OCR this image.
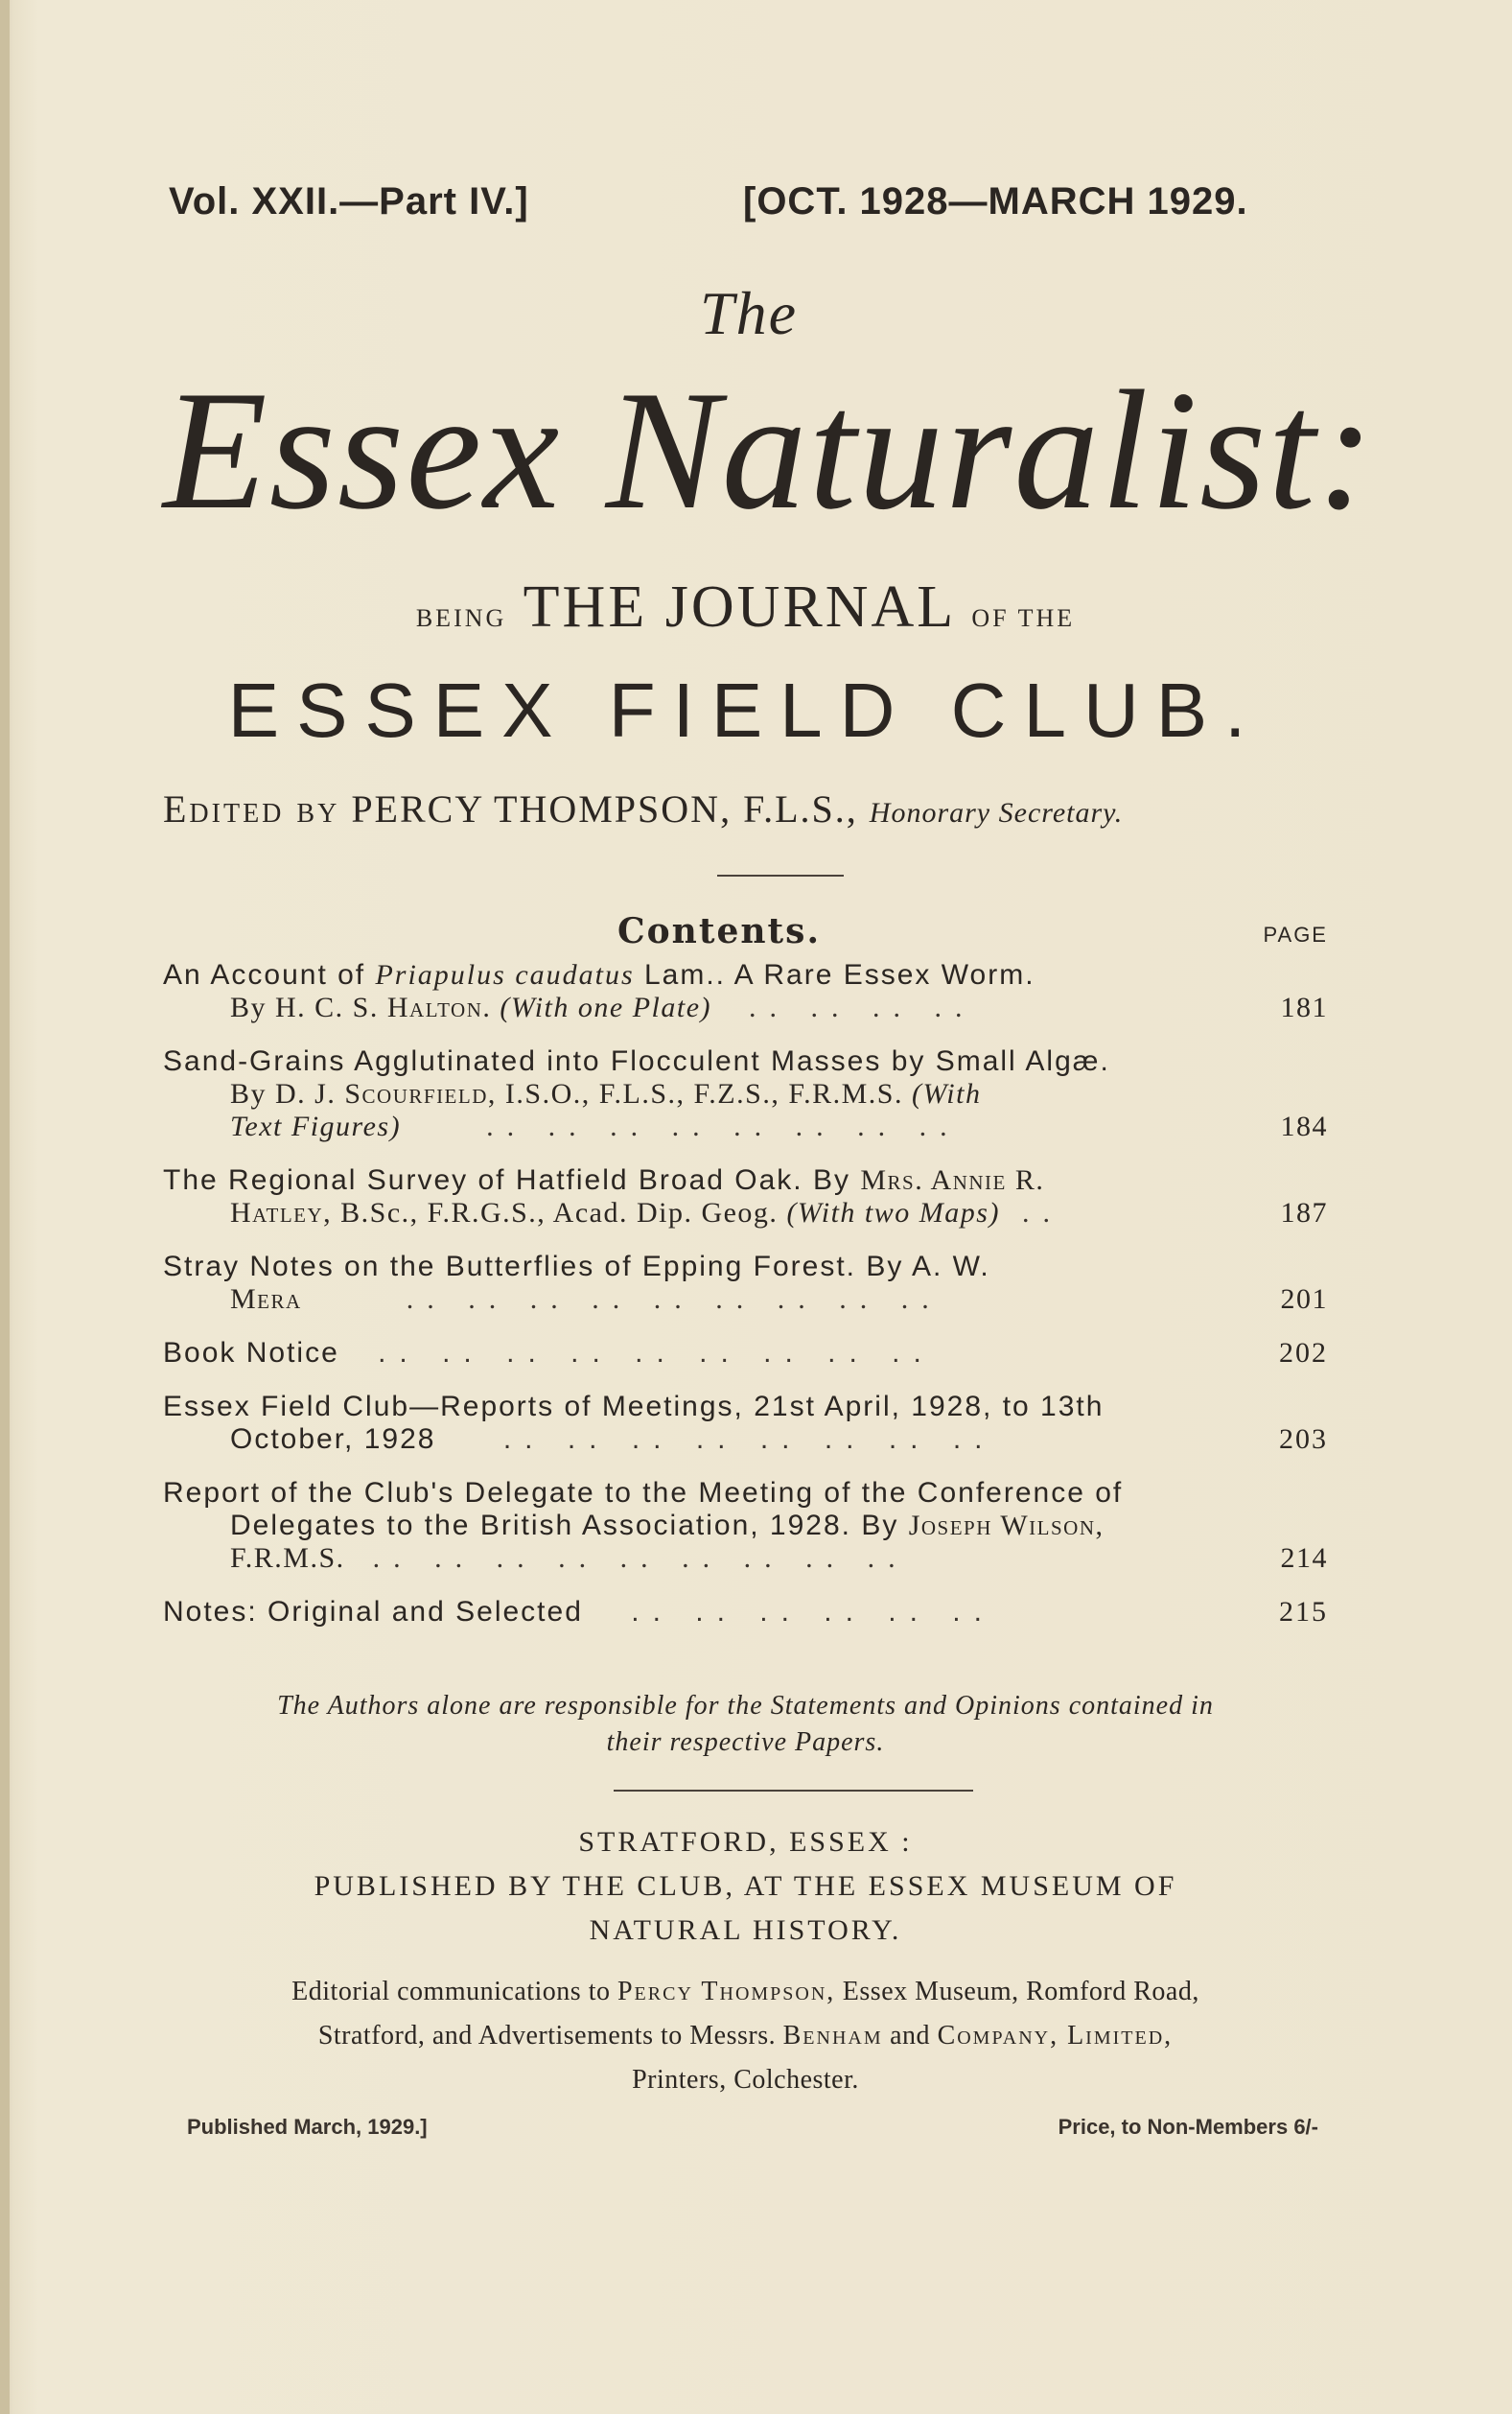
Vol. XXII.—Part IV.]	[OCT. 1928—MARCH 1929.
The
Essex Naturalist:
BEING THE JOURNAL OF THE
ESSEX FIELD CLUB.
Edited by PERCY THOMPSON, F.L.S., Honorary Secretary.
Contents.	PAGE
An Account of Priapulus caudatus Lam.. A Rare Essex Worm.
By H. C. S. Halton. (With one Plate) .. .. .. ..	181
Sand-Grains Agglutinated into Flocculent Masses by Small Algæ.
By D. J. Scourfield, I.S.O., F.L.S., F.Z.S., F.R.M.S. (With
Text Figures)	.. .. .. .. .. .. .. ..	184
The Regional Survey of Hatfield Broad Oak. By Mrs. Annie R.
Hatley, B.Sc., F.R.G.S., Acad. Dip. Geog. (With two Maps) ..	187
Stray Notes on the Butterflies of Epping Forest. By A. W.
Mera	.. .. .. .. .. .. .. .. ..	201
Book Notice .. .. .. .. .. .. .. .. ..	202
Essex Field Club—Reports of Meetings, 21st April, 1928, to 13th
October, 1928 .. .. .. .. .. .. .. ..	203
Report of the Club's Delegate to the Meeting of the Conference of
Delegates to the British Association, 1928. By Joseph Wilson,
F.R.M.S. .. .. .. .. .. .. .. .. ..	214
Notes: Original and Selected .. .. .. .. .. ..	215
The Authors alone are responsible for the Statements and Opinions contained in
their respective Papers.
STRATFORD, ESSEX :
PUBLISHED BY THE CLUB, AT THE ESSEX MUSEUM OF
NATURAL HISTORY.
Editorial communications to Percy Thompson, Essex Museum, Romford Road,
Stratford, and Advertisements to Messrs. Benham and Company, Limited,
Printers, Colchester.
Published March, 1929.]	Price, to Non-Members 6/-
